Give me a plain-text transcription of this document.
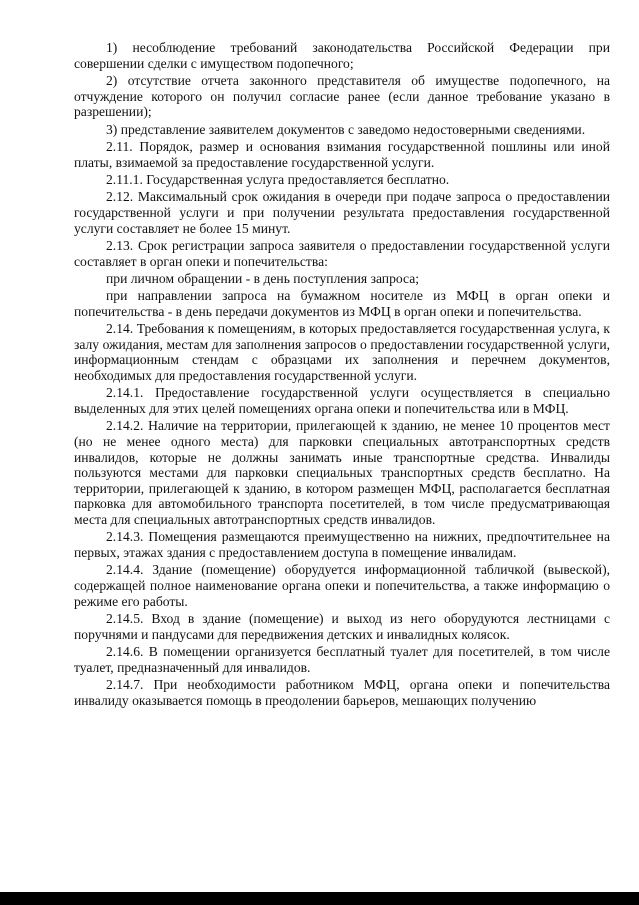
1) несоблюдение требований законодательства Российской Федерации при совершении сделки с имуществом подопечного;

2) отсутствие отчета законного представителя об имуществе подопечного, на отчуждение которого он получил согласие ранее (если данное требование указано в разрешении);

3) представление заявителем документов с заведомо недостоверными сведениями.

2.11. Порядок, размер и основания взимания государственной пошлины или иной платы, взимаемой за предоставление государственной услуги.

2.11.1. Государственная услуга предоставляется бесплатно.

2.12. Максимальный срок ожидания в очереди при подаче запроса о предоставлении государственной услуги и при получении результата предоставления государственной услуги составляет не более 15 минут.

2.13. Срок регистрации запроса заявителя о предоставлении государственной услуги составляет в орган опеки и попечительства:

при личном обращении - в день поступления запроса;

при направлении запроса на бумажном носителе из МФЦ в орган опеки и попечительства - в день передачи документов из МФЦ в орган опеки и попечительства.

2.14. Требования к помещениям, в которых предоставляется государственная услуга, к залу ожидания, местам для заполнения запросов о предоставлении государственной услуги, информационным стендам с образцами их заполнения и перечнем документов, необходимых для предоставления государственной услуги.

2.14.1. Предоставление государственной услуги осуществляется в специально выделенных для этих целей помещениях органа опеки и попечительства или в МФЦ.

2.14.2. Наличие на территории, прилегающей к зданию, не менее 10 процентов мест (но не менее одного места) для парковки специальных автотранспортных средств инвалидов, которые не должны занимать иные транспортные средства. Инвалиды пользуются местами для парковки специальных транспортных средств бесплатно. На территории, прилегающей к зданию, в котором размещен МФЦ, располагается бесплатная парковка для автомобильного транспорта посетителей, в том числе предусматривающая места для специальных автотранспортных средств инвалидов.

2.14.3. Помещения размещаются преимущественно на нижних, предпочтительнее на первых, этажах здания с предоставлением доступа в помещение инвалидам.

2.14.4. Здание (помещение) оборудуется информационной табличкой (вывеской), содержащей полное наименование органа опеки и попечительства, а также информацию о режиме его работы.

2.14.5. Вход в здание (помещение) и выход из него оборудуются лестницами с поручнями и пандусами для передвижения детских и инвалидных колясок.

2.14.6. В помещении организуется бесплатный туалет для посетителей, в том числе туалет, предназначенный для инвалидов.

2.14.7. При необходимости работником МФЦ, органа опеки и попечительства инвалиду оказывается помощь в преодолении барьеров, мешающих получению
